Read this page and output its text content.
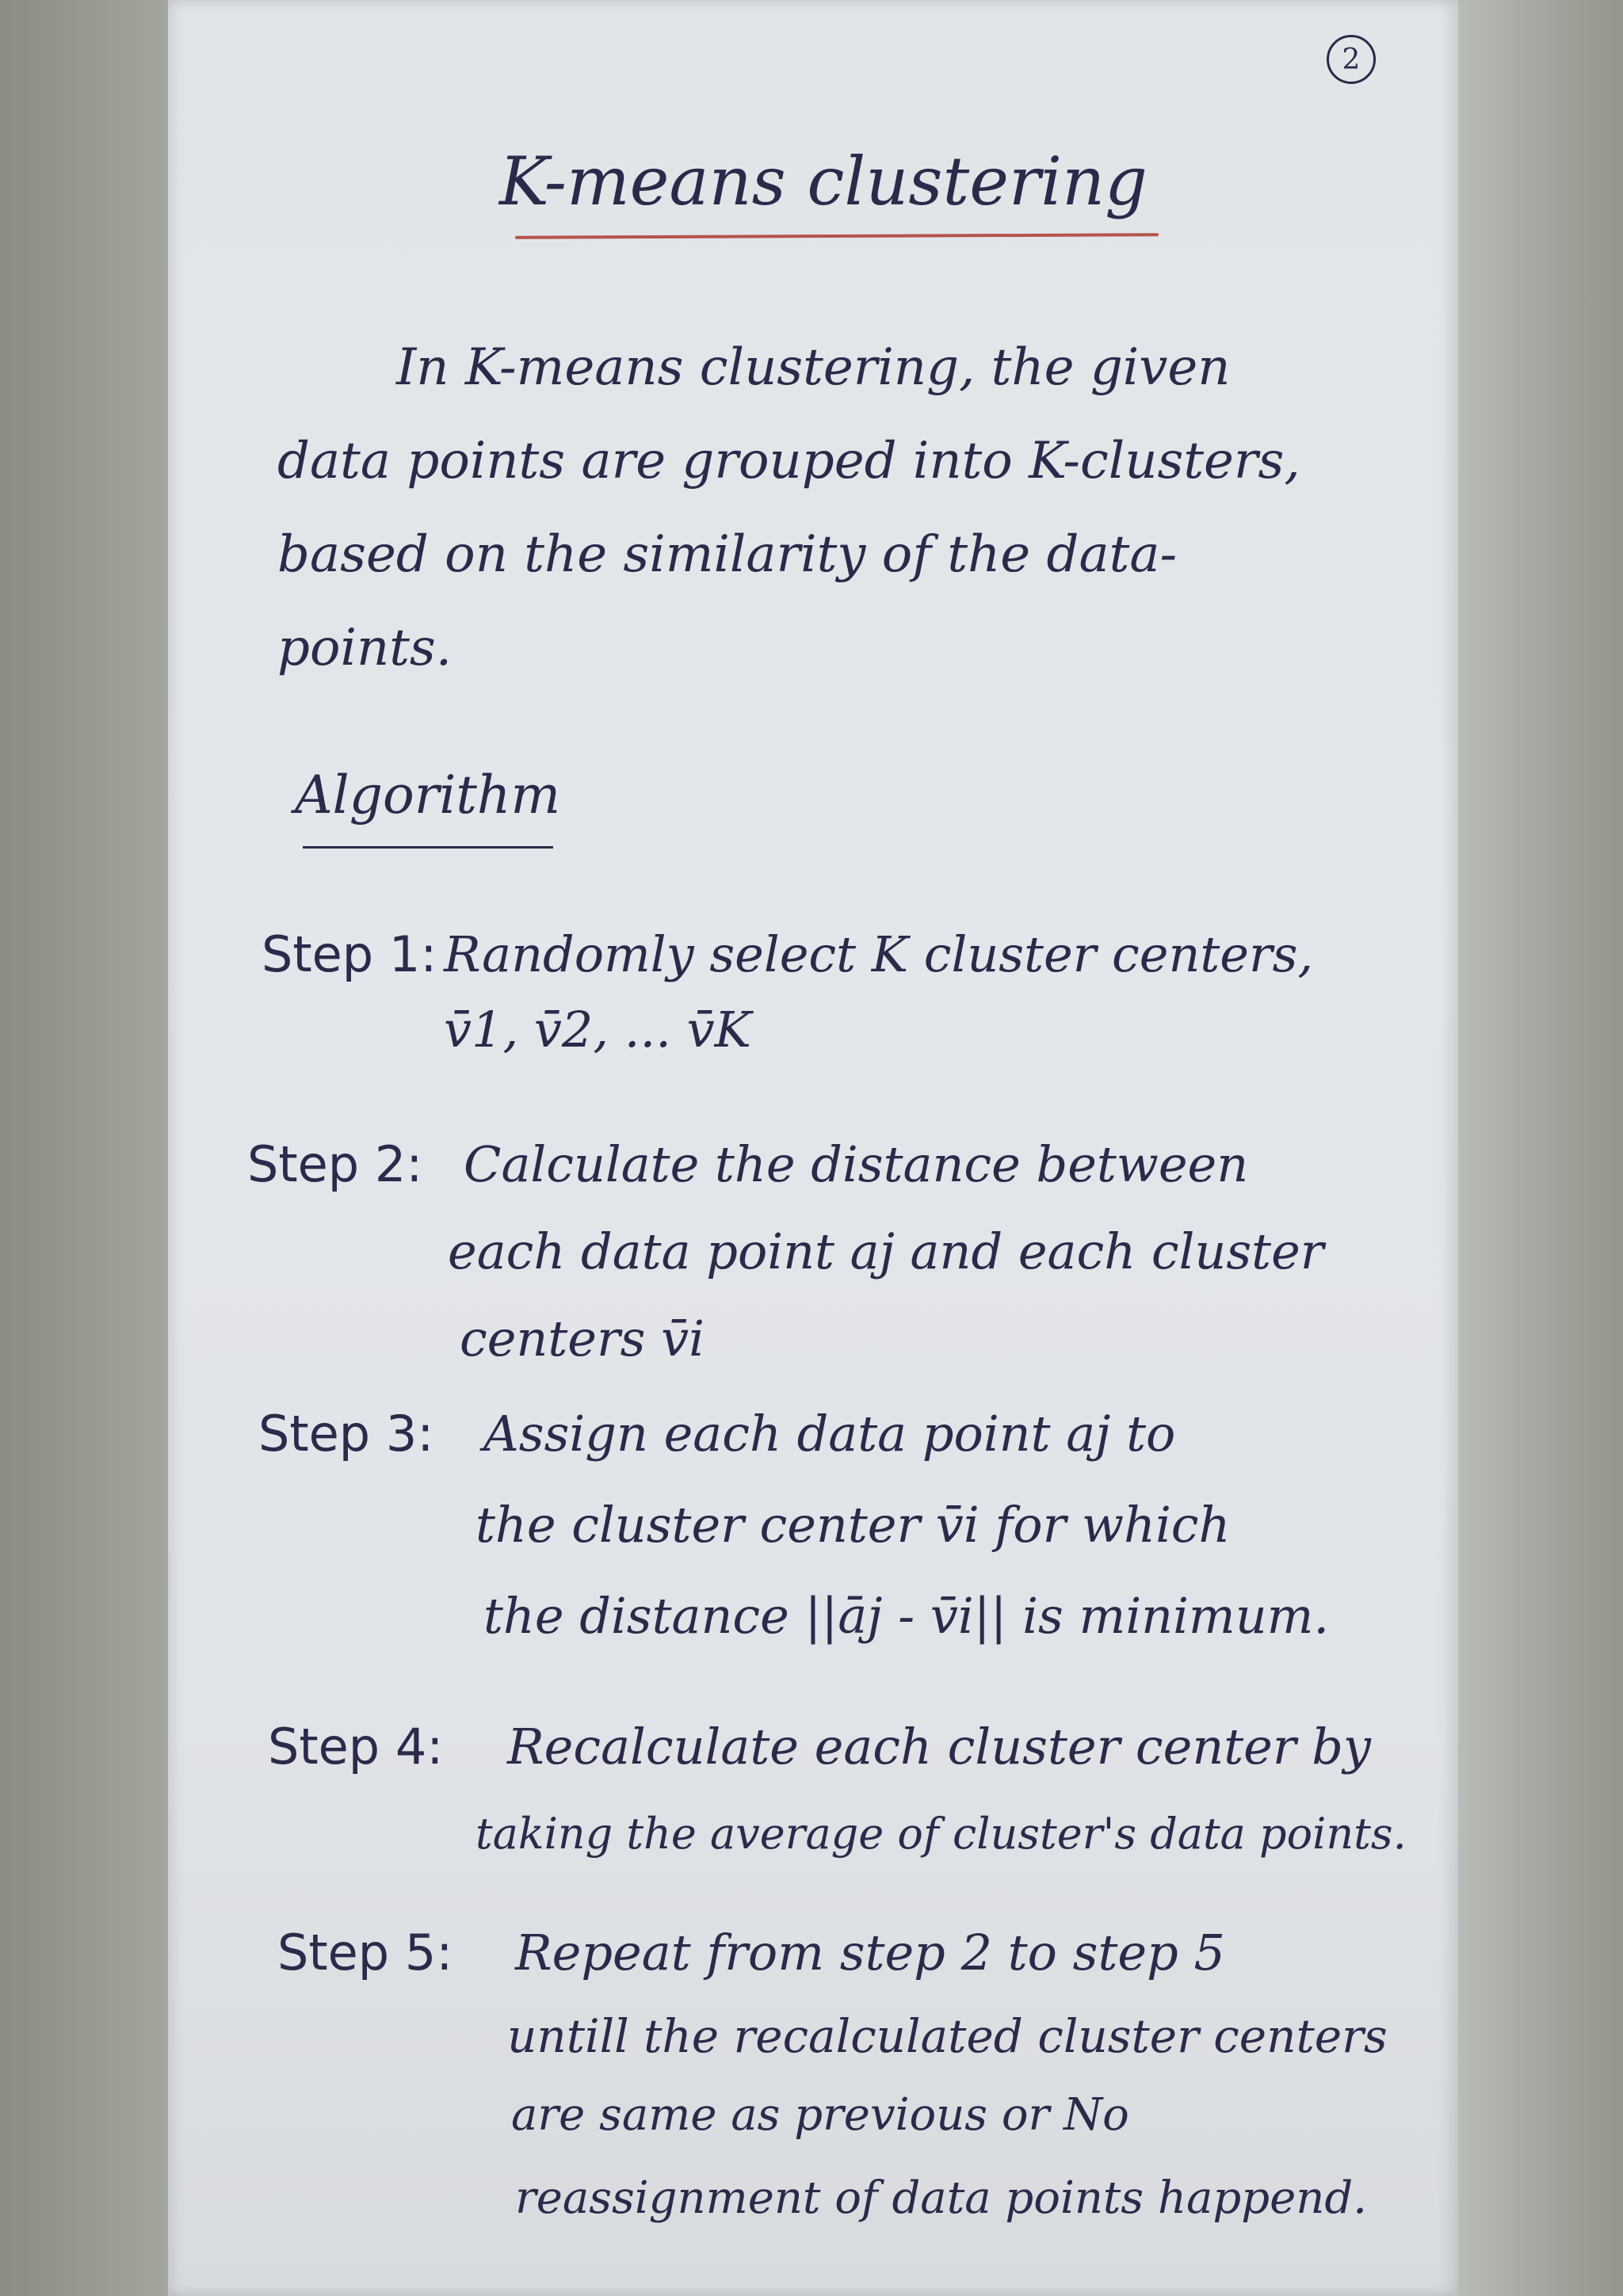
2
K-means clustering
In K-means clustering, the given
data points are grouped into K-clusters,
based on the similarity of the data-
points.
Algorithm
Step 1: Randomly select K cluster centers,
v̄1, v̄2, ... v̄K
Step 2: Calculate the distance between
each data point aj and each cluster
centers v̄i
Step 3: Assign each data point aj to
the cluster center v̄i for which
the distance ||āj - v̄i|| is minimum.
Step 4: Recalculate each cluster center by
taking the average of cluster's data points.
Step 5: Repeat from step 2 to step 5
untill the recalculated cluster centers
are same as previous or No
reassignment of data points happend.
